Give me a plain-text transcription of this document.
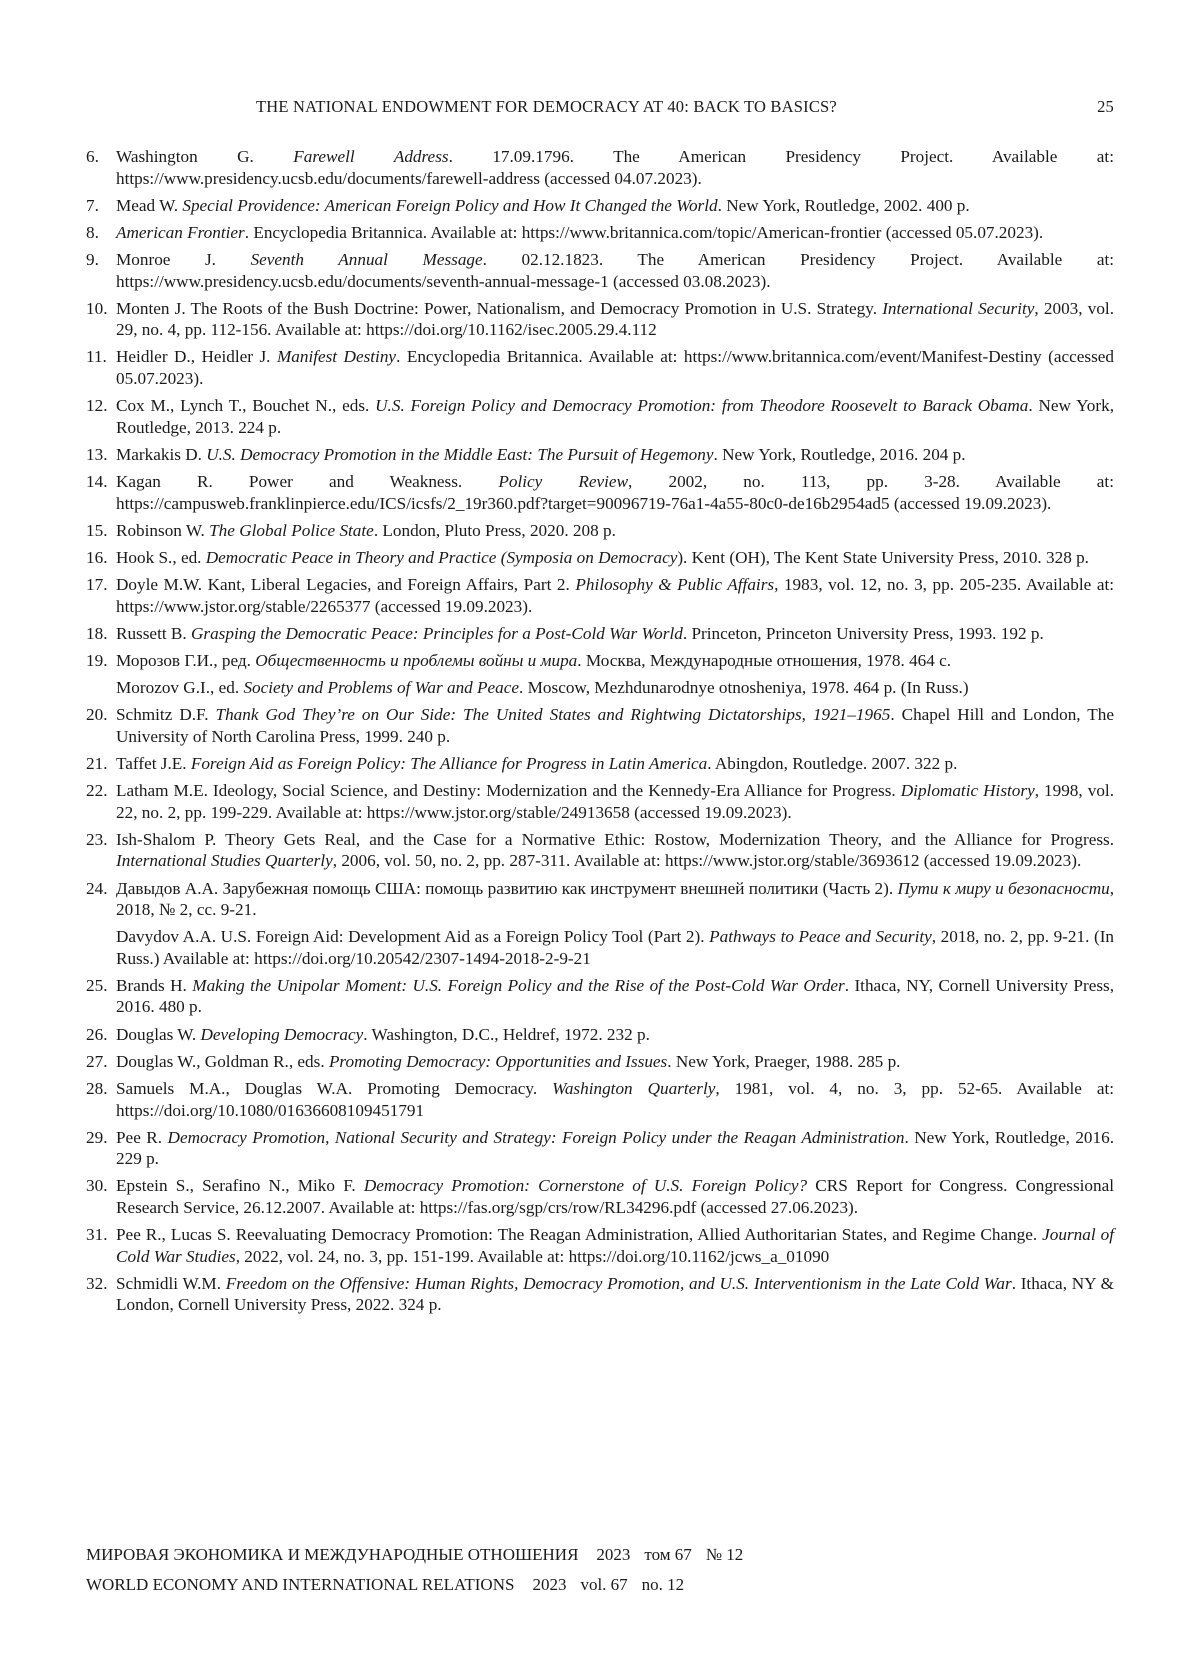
THE NATIONAL ENDOWMENT FOR DEMOCRACY AT 40: BACK TO BASICS?	25
6. Washington G. Farewell Address. 17.09.1796. The American Presidency Project. Available at: https://www.presidency.ucsb.edu/documents/farewell-address (accessed 04.07.2023).
7. Mead W. Special Providence: American Foreign Policy and How It Changed the World. New York, Routledge, 2002. 400 p.
8. American Frontier. Encyclopedia Britannica. Available at: https://www.britannica.com/topic/American-frontier (accessed 05.07.2023).
9. Monroe J. Seventh Annual Message. 02.12.1823. The American Presidency Project. Available at: https://www.presidency.ucsb.edu/documents/seventh-annual-message-1 (accessed 03.08.2023).
10. Monten J. The Roots of the Bush Doctrine: Power, Nationalism, and Democracy Promotion in U.S. Strategy. International Security, 2003, vol. 29, no. 4, pp. 112-156. Available at: https://doi.org/10.1162/isec.2005.29.4.112
11. Heidler D., Heidler J. Manifest Destiny. Encyclopedia Britannica. Available at: https://www.britannica.com/event/Manifest-Destiny (accessed 05.07.2023).
12. Cox M., Lynch T., Bouchet N., eds. U.S. Foreign Policy and Democracy Promotion: from Theodore Roosevelt to Barack Obama. New York, Routledge, 2013. 224 p.
13. Markakis D. U.S. Democracy Promotion in the Middle East: The Pursuit of Hegemony. New York, Routledge, 2016. 204 p.
14. Kagan R. Power and Weakness. Policy Review, 2002, no. 113, pp. 3-28. Available at: https://campusweb.franklinpierce.edu/ICS/icsfs/2_19r360.pdf?target=90096719-76a1-4a55-80c0-de16b2954ad5 (accessed 19.09.2023).
15. Robinson W. The Global Police State. London, Pluto Press, 2020. 208 p.
16. Hook S., ed. Democratic Peace in Theory and Practice (Symposia on Democracy). Kent (OH), The Kent State University Press, 2010. 328 p.
17. Doyle M.W. Kant, Liberal Legacies, and Foreign Affairs, Part 2. Philosophy & Public Affairs, 1983, vol. 12, no. 3, pp. 205-235. Available at: https://www.jstor.org/stable/2265377 (accessed 19.09.2023).
18. Russett B. Grasping the Democratic Peace: Principles for a Post-Cold War World. Princeton, Princeton University Press, 1993. 192 p.
19. Морозов Г.И., ред. Общественность и проблемы войны и мира. Москва, Международные отношения, 1978. 464 с.
Morozov G.I., ed. Society and Problems of War and Peace. Moscow, Mezhdunarodnye otnosheniya, 1978. 464 p. (In Russ.)
20. Schmitz D.F. Thank God They’re on Our Side: The United States and Rightwing Dictatorships, 1921–1965. Chapel Hill and London, The University of North Carolina Press, 1999. 240 p.
21. Taffet J.E. Foreign Aid as Foreign Policy: The Alliance for Progress in Latin America. Abingdon, Routledge. 2007. 322 p.
22. Latham M.E. Ideology, Social Science, and Destiny: Modernization and the Kennedy-Era Alliance for Progress. Diplomatic History, 1998, vol. 22, no. 2, pp. 199-229. Available at: https://www.jstor.org/stable/24913658 (accessed 19.09.2023).
23. Ish-Shalom P. Theory Gets Real, and the Case for a Normative Ethic: Rostow, Modernization Theory, and the Alliance for Progress. International Studies Quarterly, 2006, vol. 50, no. 2, pp. 287-311. Available at: https://www.jstor.org/stable/3693612 (accessed 19.09.2023).
24. Давыдов А.А. Зарубежная помощь США: помощь развитию как инструмент внешней политики (Часть 2). Пути к миру и безопасности, 2018, № 2, сс. 9-21.
Davydov A.A. U.S. Foreign Aid: Development Aid as a Foreign Policy Tool (Part 2). Pathways to Peace and Security, 2018, no. 2, pp. 9-21. (In Russ.) Available at: https://doi.org/10.20542/2307-1494-2018-2-9-21
25. Brands H. Making the Unipolar Moment: U.S. Foreign Policy and the Rise of the Post-Cold War Order. Ithaca, NY, Cornell University Press, 2016. 480 p.
26. Douglas W. Developing Democracy. Washington, D.C., Heldref, 1972. 232 p.
27. Douglas W., Goldman R., eds. Promoting Democracy: Opportunities and Issues. New York, Praeger, 1988. 285 p.
28. Samuels M.A., Douglas W.A. Promoting Democracy. Washington Quarterly, 1981, vol. 4, no. 3, pp. 52-65. Available at: https://doi.org/10.1080/01636608109451791
29. Pee R. Democracy Promotion, National Security and Strategy: Foreign Policy under the Reagan Administration. New York, Routledge, 2016. 229 p.
30. Epstein S., Serafino N., Miko F. Democracy Promotion: Cornerstone of U.S. Foreign Policy? CRS Report for Congress. Congressional Research Service, 26.12.2007. Available at: https://fas.org/sgp/crs/row/RL34296.pdf (accessed 27.06.2023).
31. Pee R., Lucas S. Reevaluating Democracy Promotion: The Reagan Administration, Allied Authoritarian States, and Regime Change. Journal of Cold War Studies, 2022, vol. 24, no. 3, pp. 151-199. Available at: https://doi.org/10.1162/jcws_a_01090
32. Schmidli W.M. Freedom on the Offensive: Human Rights, Democracy Promotion, and U.S. Interventionism in the Late Cold War. Ithaca, NY & London, Cornell University Press, 2022. 324 p.
МИРОВАЯ ЭКОНОМИКА И МЕЖДУНАРОДНЫЕ ОТНОШЕНИЯ 2023 том 67 № 12
WORLD ECONOMY AND INTERNATIONAL RELATIONS 2023 vol. 67 no. 12
